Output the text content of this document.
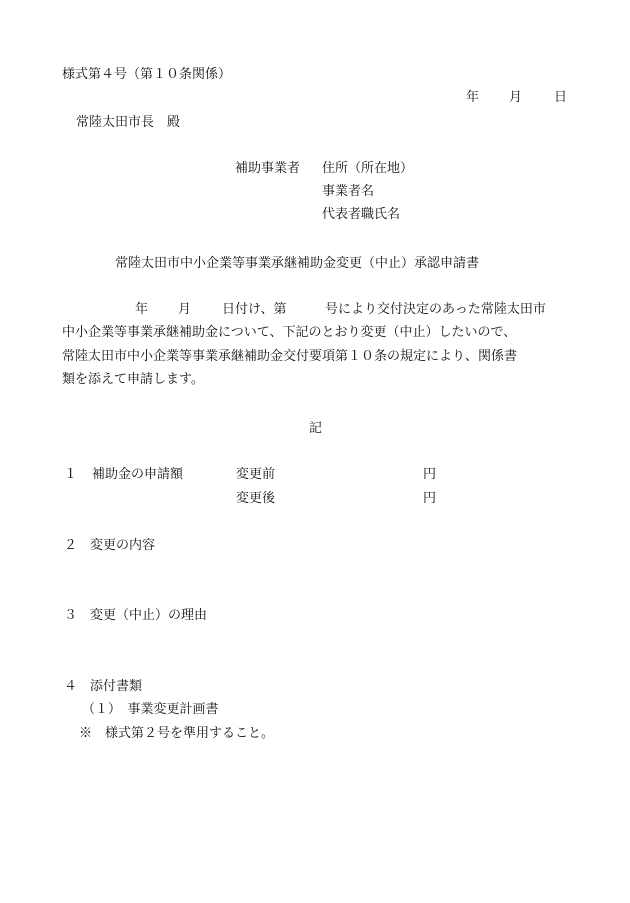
様式第４号（第１０条関係）
年 月 日
常陸太田市長　殿
補助事業者 住所（所在地）
事業者名
代表者職氏名
常陸太田市中小企業等事業承継補助金変更（中止）承認申請書
年 月 日付け、第	号により交付決定のあった常陸太田市
中小企業等事業承継補助金について、下記のとおり変更（中止）したいので、
常陸太田市中小企業等事業承継補助金交付要項第１０条の規定により、関係書
類を添えて申請します。
記
１ 補助金の申請額	変更前	円
変更後	円
２　変更の内容
３　変更（中止）の理由
４　添付書類
（１）　事業変更計画書
※　様式第２号を準用すること。
